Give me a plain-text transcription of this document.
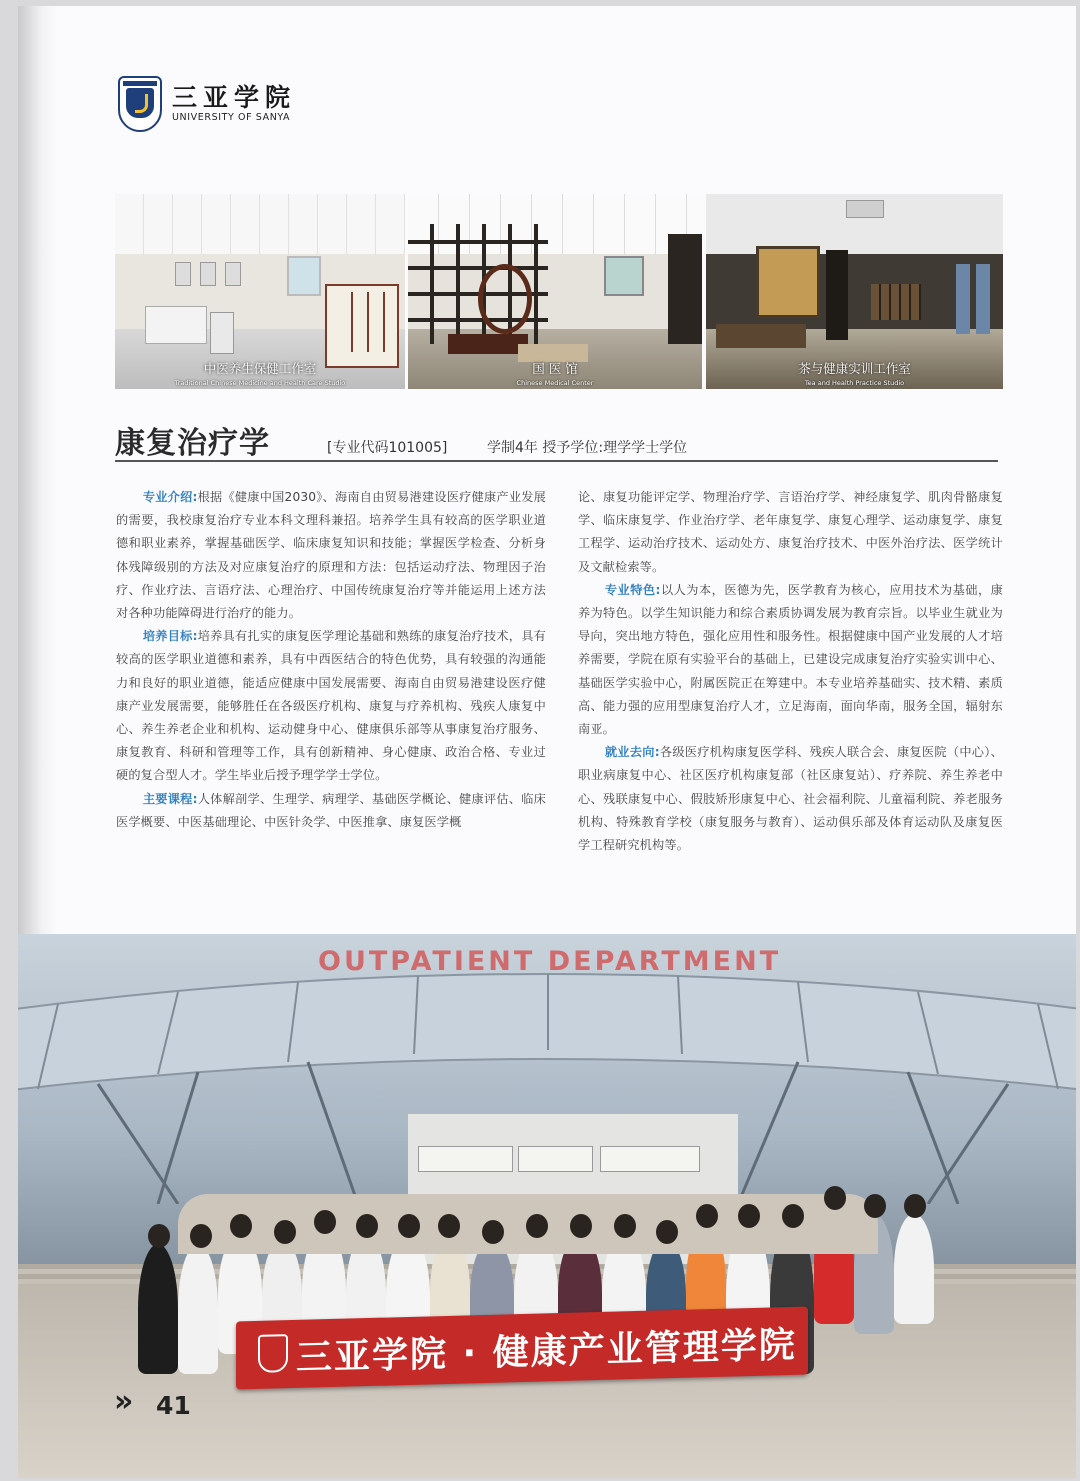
三亚学院
UNIVERSITY OF SANYA
中医养生保健工作室
Traditional Chinese Medicine and Health Care Studio
国 医 馆
Chinese Medical Center
茶与健康实训工作室
Tea and Health Practice Studio
康复治疗学	[专业代码101005]	学制4年 授予学位:理学学士学位

专业介绍:根据《健康中国2030》、海南自由贸易港建设医疗健康产业发展的需要，我校康复治疗专业本科文理科兼招。培养学生具有较高的医学职业道德和职业素养，掌握基础医学、临床康复知识和技能；掌握医学检查、分析身体残障级别的方法及对应康复治疗的原理和方法：包括运动疗法、物理因子治疗、作业疗法、言语疗法、心理治疗、中国传统康复治疗等并能运用上述方法对各种功能障碍进行治疗的能力。

培养目标:培养具有扎实的康复医学理论基础和熟练的康复治疗技术，具有较高的医学职业道德和素养，具有中西医结合的特色优势，具有较强的沟通能力和良好的职业道德，能适应健康中国发展需要、海南自由贸易港建设医疗健康产业发展需要，能够胜任在各级医疗机构、康复与疗养机构、残疾人康复中心、养生养老企业和机构、运动健身中心、健康俱乐部等从事康复治疗服务、康复教育、科研和管理等工作，具有创新精神、身心健康、政治合格、专业过硬的复合型人才。学生毕业后授予理学学士学位。

主要课程:人体解剖学、生理学、病理学、基础医学概论、健康评估、临床医学概要、中医基础理论、中医针灸学、中医推拿、康复医学概

论、康复功能评定学、物理治疗学、言语治疗学、神经康复学、肌肉骨骼康复学、临床康复学、作业治疗学、老年康复学、康复心理学、运动康复学、康复工程学、运动治疗技术、运动处方、康复治疗技术、中医外治疗法、医学统计及文献检索等。

专业特色:以人为本，医德为先，医学教育为核心，应用技术为基础，康养为特色。以学生知识能力和综合素质协调发展为教育宗旨。以毕业生就业为导向，突出地方特色，强化应用性和服务性。根据健康中国产业发展的人才培养需要，学院在原有实验平台的基础上，已建设完成康复治疗实验实训中心、基础医学实验中心，附属医院正在筹建中。本专业培养基础实、技术精、素质高、能力强的应用型康复治疗人才，立足海南，面向华南，服务全国，辐射东南亚。

就业去向:各级医疗机构康复医学科、残疾人联合会、康复医院（中心）、职业病康复中心、社区医疗机构康复部（社区康复站）、疗养院、养生养老中心、残联康复中心、假肢矫形康复中心、社会福利院、儿童福利院、养老服务机构、特殊教育学校（康复服务与教育）、运动俱乐部及体育运动队及康复医学工程研究机构等。

OUTPATIENT DEPARTMENT
三亚学院 · 健康产业管理学院
» 41
